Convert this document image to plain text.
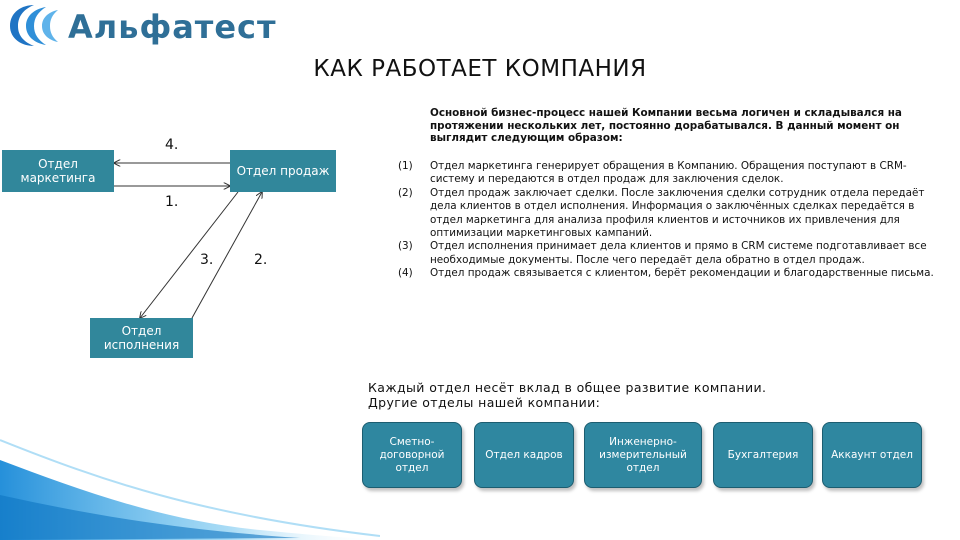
Альфатест
КАК РАБОТАЕТ КОМПАНИЯ
Отдел маркетинга	Отдел продаж
Отдел исполнения
4.
1.
3.	2.
Основной бизнес-процесс нашей Компании весьма логичен и складывался на протяжении нескольких лет, постоянно дорабатывался. В данный момент он выглядит следующим образом:
(1) Отдел маркетинга генерирует обращения в Компанию. Обращения поступают в CRM-систему и передаются в отдел продаж для заключения сделок.
(2) Отдел продаж заключает сделки. После заключения сделки сотрудник отдела передаёт дела клиентов в отдел исполнения. Информация о заключённых сделках передаётся в отдел маркетинга для анализа профиля клиентов и источников их привлечения для оптимизации маркетинговых кампаний.
(3) Отдел исполнения принимает дела клиентов и прямо в CRM системе подготавливает все необходимые документы. После чего передаёт дела обратно в отдел продаж.
(4) Отдел продаж связывается с клиентом, берёт рекомендации и благодарственные письма.
Каждый отдел несёт вклад в общее развитие компании.
Другие отделы нашей компании:
Сметно-договорной отдел
Отдел кадров
Инженерно-измерительный отдел
Бухгалтерия	Аккаунт отдел
